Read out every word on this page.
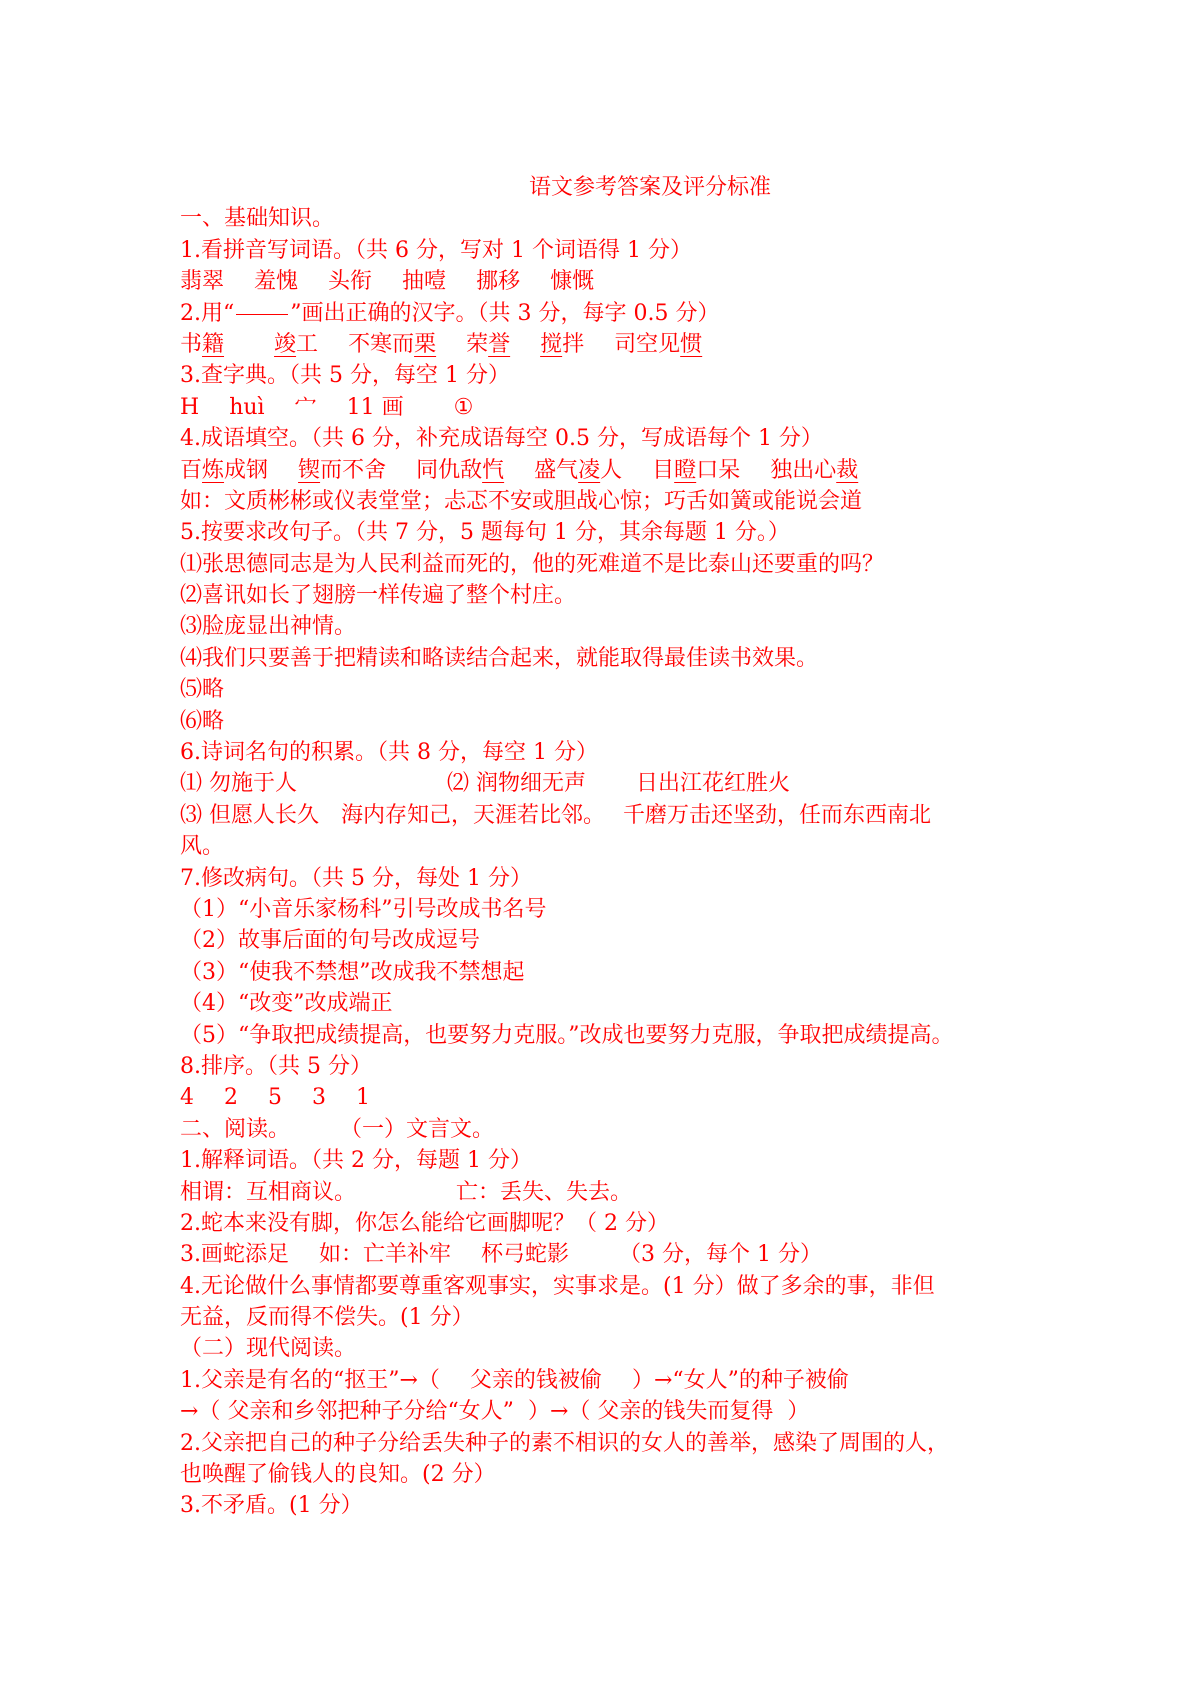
语文参考答案及评分标准
一、基础知识。
1.看拼音写词语。（共 6 分，写对 1 个词语得 1 分）
翡翠 羞愧 头衔 抽噎 挪移 慷慨
2.用“	”画出正确的汉字。（共 3 分，每字 0.5 分）
书籍 竣工 不寒而栗 荣誉 搅拌 司空见惯
3.查字典。（共 5 分，每空 1 分）
H huì 宀 11 画 ①
4.成语填空。（共 6 分，补充成语每空 0.5 分，写成语每个 1 分）
百炼成钢 锲而不舍 同仇敌忾 盛气凌人 目瞪口呆 独出心裁
如：文质彬彬或仪表堂堂；忐忑不安或胆战心惊；巧舌如簧或能说会道
5.按要求改句子。（共 7 分，5 题每句 1 分，其余每题 1 分。）
⑴张思德同志是为人民利益而死的，他的死难道不是比泰山还要重的吗？
⑵喜讯如长了翅膀一样传遍了整个村庄。
⑶脸庞显出神情。
⑷我们只要善于把精读和略读结合起来，就能取得最佳读书效果。
⑸略
⑹略
6.诗词名句的积累。（共 8 分，每空 1 分）
⑴ 勿施于人	⑵ 润物细无声 日出江花红胜火
⑶ 但愿人长久　海内存知己，天涯若比邻。　 千磨万击还坚劲，任而东西南北
风。
7.修改病句。（共 5 分，每处 1 分）
（1）“小音乐家杨科”引号改成书名号
（2）故事后面的句号改成逗号
（3）“使我不禁想”改成我不禁想起
（4）“改变”改成端正
（5）“争取把成绩提高，也要努力克服。”改成也要努力克服，争取把成绩提高。
8.排序。（共 5 分）
4 2 5 3 1
二、阅读。 （一）文言文。
1.解释词语。（共 2 分，每题 1 分）
相谓：互相商议。	亡：丢失、失去。
2.蛇本来没有脚，你怎么能给它画脚呢？（ 2 分）
3.画蛇添足 如：亡羊补牢 杯弓蛇影 （3 分，每个 1 分）
4.无论做什么事情都要尊重客观事实，实事求是。(1 分）做了多余的事，非但
无益，反而得不偿失。(1 分）
（二）现代阅读。
1.父亲是有名的“抠王”→（ 父亲的钱被偷 ）→“女人”的种子被偷
→（ 父亲和乡邻把种子分给“女人” ）→（ 父亲的钱失而复得 ）
2.父亲把自己的种子分给丢失种子的素不相识的女人的善举，感染了周围的人，
也唤醒了偷钱人的良知。(2 分）
3.不矛盾。(1 分）
